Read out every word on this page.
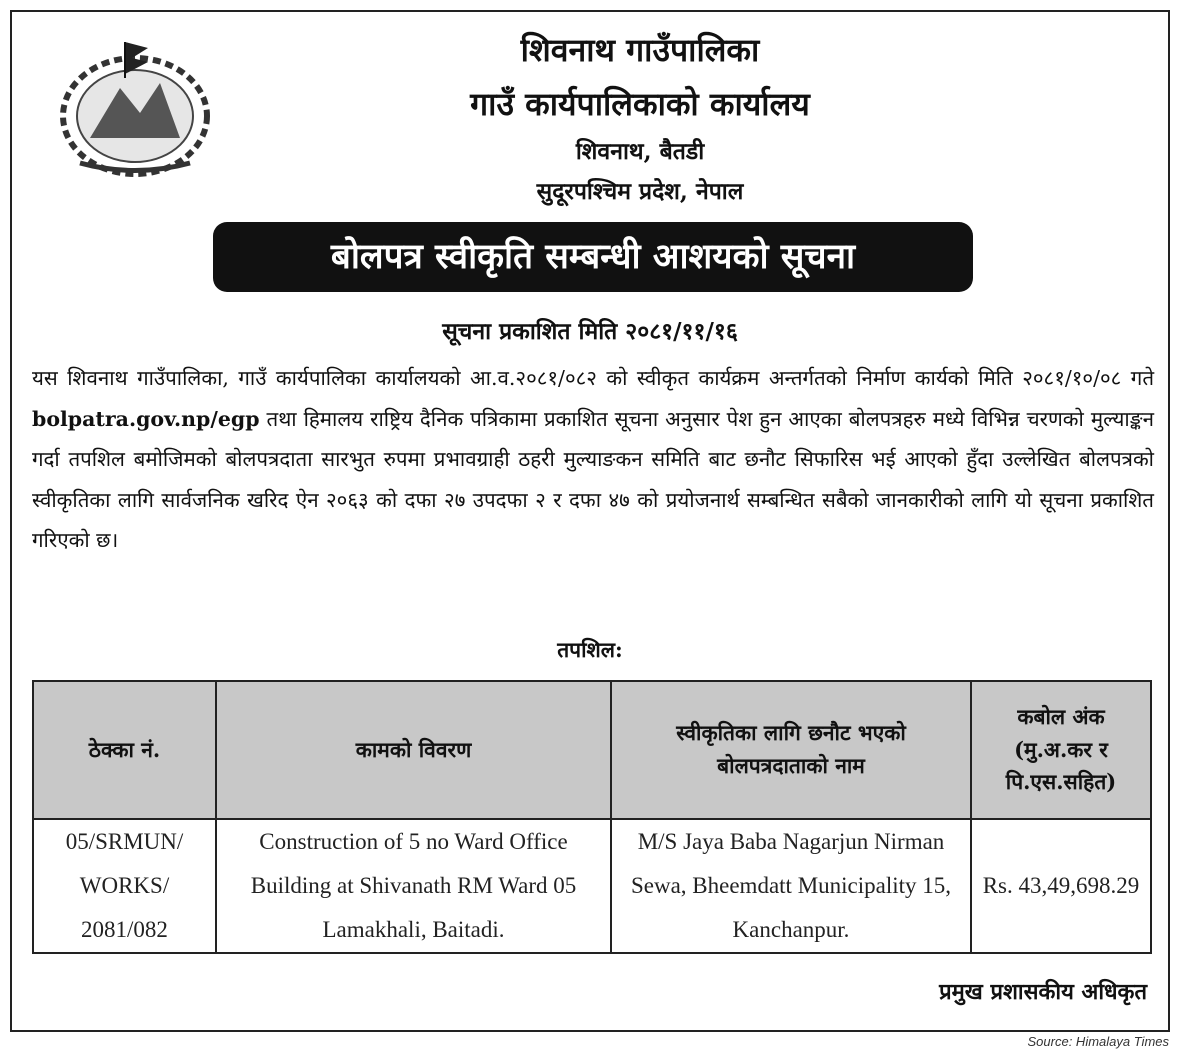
शिवनाथ गाउँपालिका
गाउँ कार्यपालिकाको कार्यालय
शिवनाथ, बैतडी
सुदूरपश्चिम प्रदेश, नेपाल
बोलपत्र स्वीकृति सम्बन्धी आशयको सूचना
सूचना प्रकाशित मिति २०८१/११/१६
यस शिवनाथ गाउँपालिका, गाउँ कार्यपालिका कार्यालयको आ.व.२०८१/०८२ को स्वीकृत कार्यक्रम अन्तर्गतको निर्माण कार्यको मिति २०८१/१०/०८ गते bolpatra.gov.np/egp तथा हिमालय राष्ट्रिय दैनिक पत्रिकामा प्रकाशित सूचना अनुसार पेश हुन आएका बोलपत्रहरु मध्ये विभिन्न चरणको मुल्याङ्कन गर्दा तपशिल बमोजिमको बोलपत्रदाता सारभुत रुपमा प्रभावग्राही ठहरी मुल्याङकन समिति बाट छनौट सिफारिस भई आएको हुँदा उल्लेखित बोलपत्रको स्वीकृतिका लागि सार्वजनिक खरिद ऐन २०६३ को दफा २७ उपदफा २ र दफा ४७ को प्रयोजनार्थ सम्बन्धित सबैको जानकारीको लागि यो सूचना प्रकाशित गरिएको छ।
तपशिल:
ठेक्का नं.	कामको विवरण	स्वीकृतिका लागि छनौट भएको बोलपत्रदाताको नाम	कबोल अंक (मु.अ.कर र पि.एस.सहित)
05/SRMUN/ WORKS/ 2081/082	Construction of 5 no Ward Office Building at Shivanath RM Ward 05 Lamakhali, Baitadi.	M/S Jaya Baba Nagarjun Nirman Sewa, Bheemdatt Municipality 15, Kanchanpur.	Rs. 43,49,698.29
प्रमुख प्रशासकीय अधिकृत
Source: Himalaya Times
